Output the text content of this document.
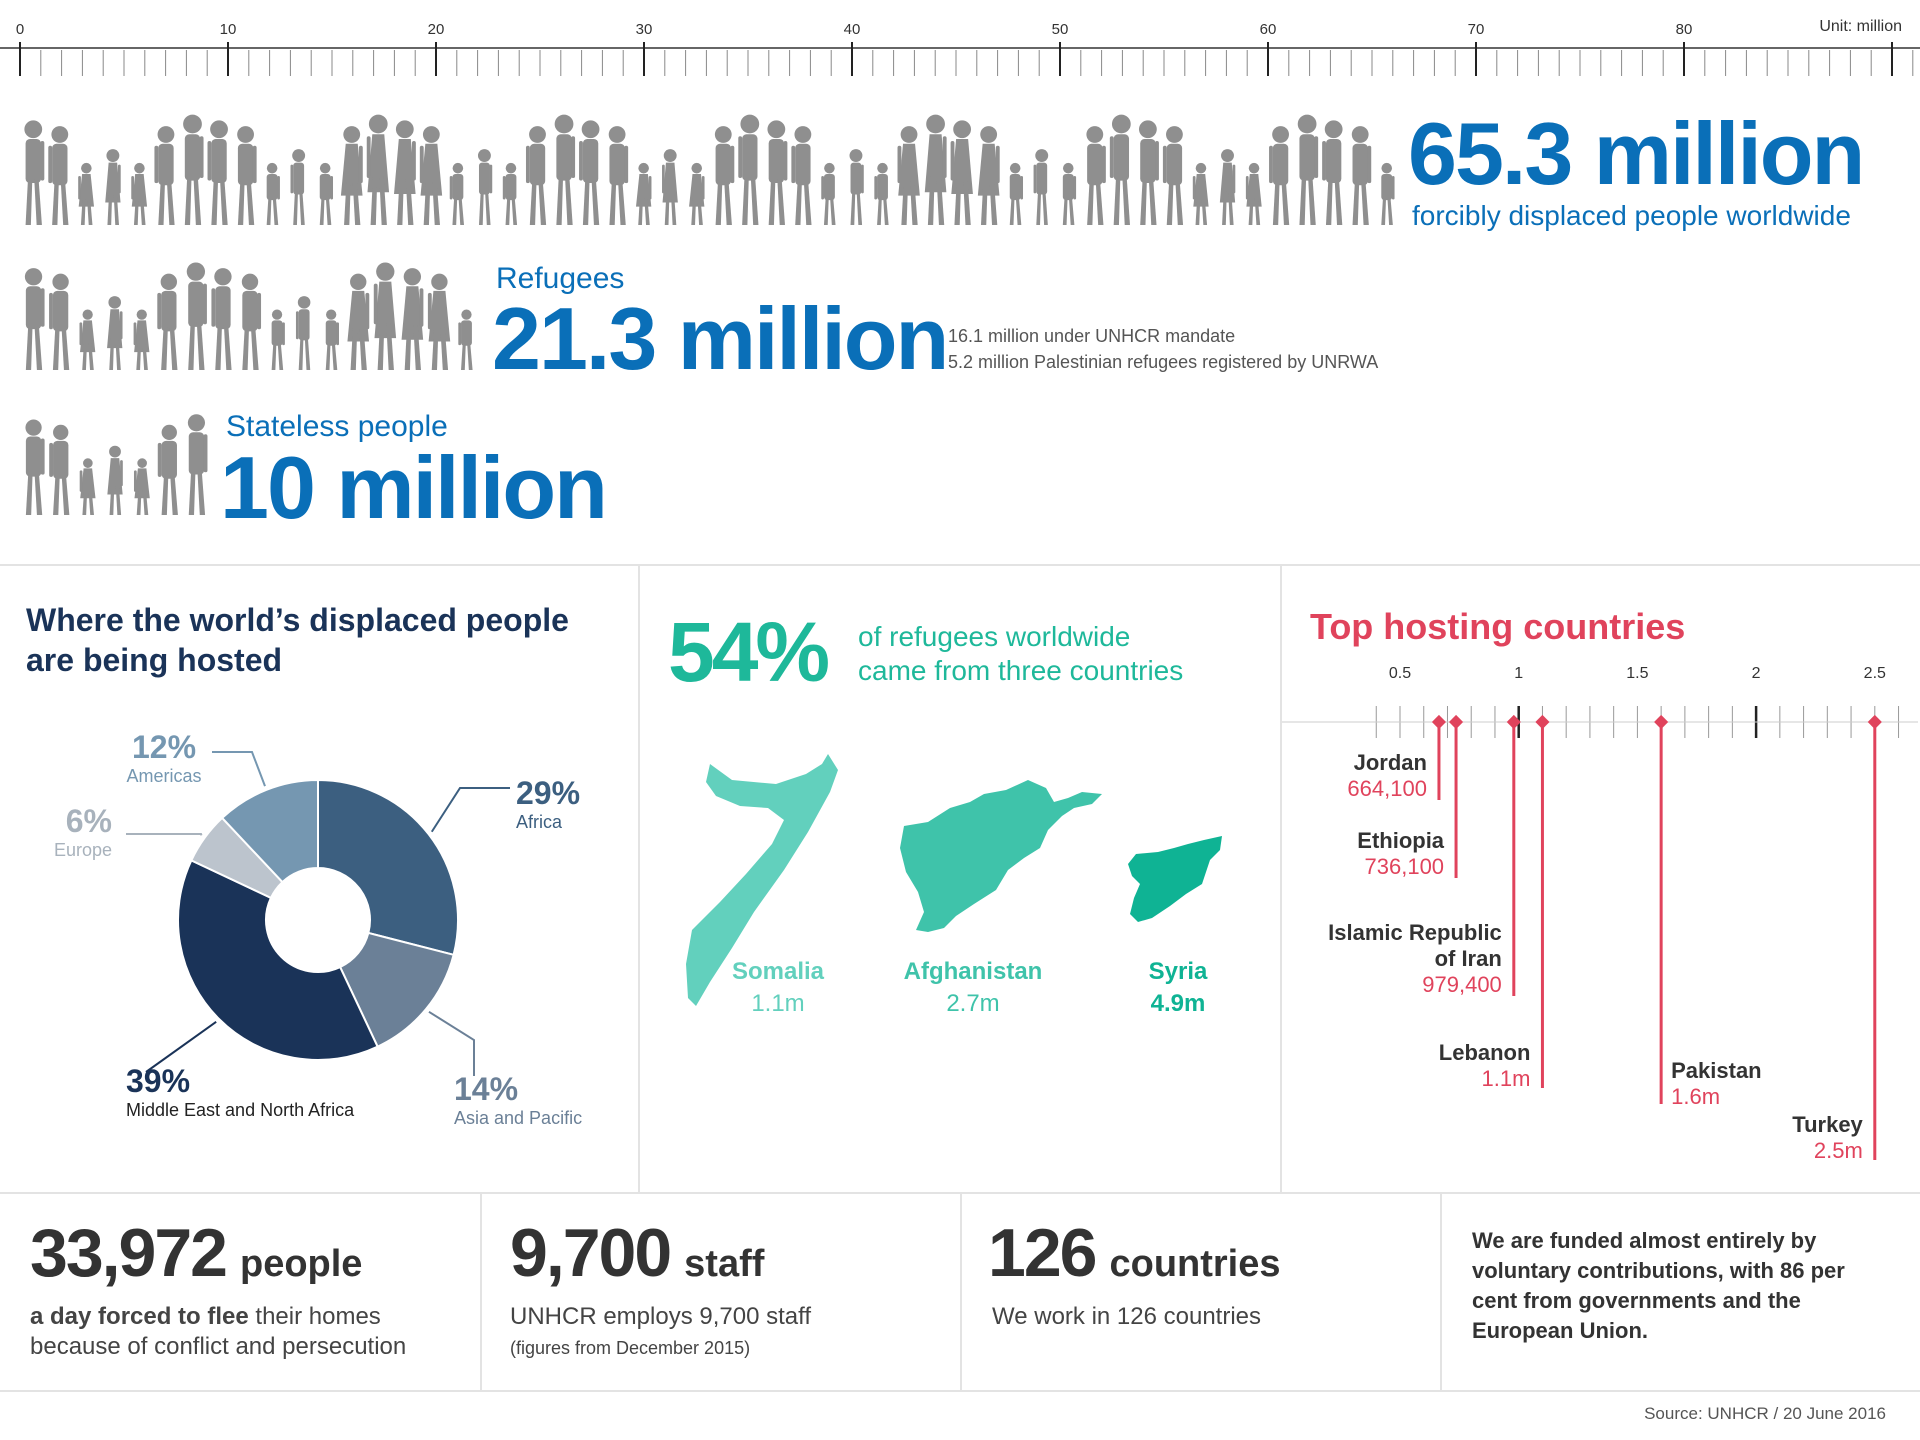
0	10	20	30	40	50	60	70	80	Unit: million
65.3 million
forcibly displaced people worldwide
Refugees
21.3 million 16.1 million under UNHCR mandate
5.2 million Palestinian refugees registered by UNRWA
Stateless people
10 million
Where the world’s displaced people
are being hosted
29%
Africa
14%
Asia and Pacific
39%
Middle East and North Africa
6%
Europe
12%
Americas
54% of refugees worldwide
came from three countries
Somalia
1.1m
Afghanistan
2.7m
Syria
4.9m
Top hosting countries
0.5	1	1.5	2	2.5
Jordan
664,100
Ethiopia
736,100
Islamic Republic
of Iran
979,400
Lebanon
1.1m	Pakistan
1.6m
Turkey
2.5m
33,972 people
a day forced to flee their homes
because of conflict and persecution
9,700 staff
UNHCR employs 9,700 staff
(figures from December 2015)
126 countries
We work in 126 countries
We are funded almost entirely by
voluntary contributions, with 86 per
cent from governments and the
European Union.
Source: UNHCR / 20 June 2016
